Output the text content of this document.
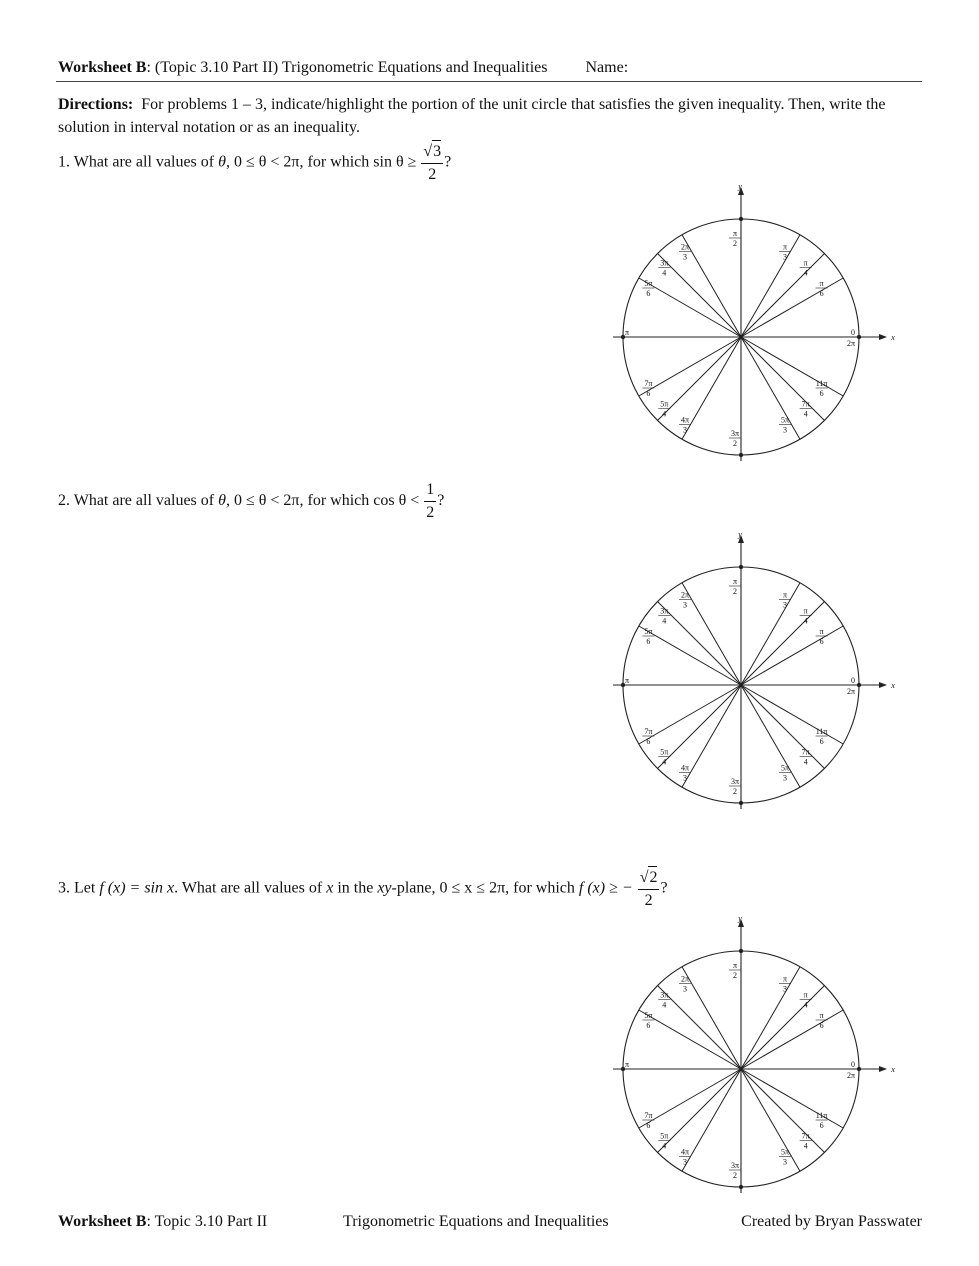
Worksheet B: (Topic 3.10 Part II) Trigonometric Equations and Inequalities Name:
Directions: For problems 1 – 3, indicate/highlight the portion of the unit circle that satisfies the given inequality. Then, write the solution in interval notation or as an inequality.
1. What are all values of θ, 0 ≤ θ < 2π, for which $\sin \theta \ge \frac{√3}{2}$ ?
2. What are all values of θ, 0 ≤ θ < 2π, for which $\cos \theta < \frac{1}{2}$ ?
3. Let f (x) = sin x. What are all values of x in the xy-plane, 0 ≤ x ≤ 2π, for which f (x) ≥ − $\frac{√2}{2}$ ?
x
y
π
2	π
3
π
4
π
6
2π
3
3π
4
5π
6
7π
6
5π
4
4π
3	3π
2
5π
3
7π
4
11π
6
π	0
2π
x
y
π
2	π
3
π
4
π
6
2π
3
3π
4
5π
6
7π
6
5π
4
4π
3	3π
2
5π
3
7π
4
11π
6
π	0
2π
x
y
π
2	π
3
π
4
π
6
2π
3
3π
4
5π
6
7π
6
5π
4
4π
3	3π
2
5π
3
7π
4
11π
6
π	0
2π
Worksheet B: Topic 3.10 Part II	Trigonometric Equations and Inequalities	Created by Bryan Passwater
